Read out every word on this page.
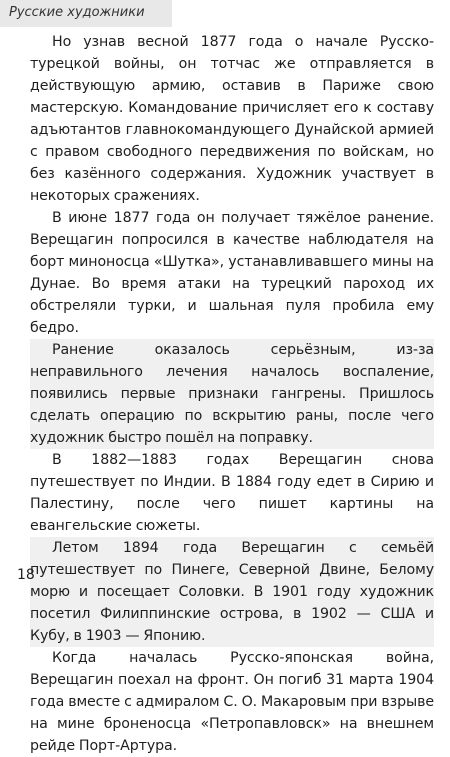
Русские художники

Но узнав весной 1877 года о начале Русско-турецкой войны, он тотчас же отправляется в действующую армию, оставив в Париже свою мастерскую. Командование причисляет его к составу адъютантов главнокомандующего Дунайской армией с правом свободного передвижения по войскам, но без казённого содержания. Художник участвует в некоторых сражениях.

В июне 1877 года он получает тяжёлое ранение. Верещагин попросился в качестве наблюдателя на борт миноносца «Шутка», устанавливавшего мины на Дунае. Во время атаки на турецкий пароход их обстреляли турки, и шальная пуля пробила ему бедро.

Ранение оказалось серьёзным, из-за неправильного лечения началось воспаление, появились первые признаки гангрены. Пришлось сделать операцию по вскрытию раны, после чего художник быстро пошёл на поправку.

В 1882—1883 годах Верещагин снова путешествует по Индии. В 1884 году едет в Сирию и Палестину, после чего пишет картины на евангельские сюжеты.

Летом 1894 года Верещагин с семьёй путешествует по Пинеге, Северной Двине, Белому морю и посещает Соловки. В 1901 году художник посетил Филиппинские острова, в 1902 — США и Кубу, в 1903 — Японию.

Когда началась Русско-японская война, Верещагин поехал на фронт. Он погиб 31 марта 1904 года вместе с адмиралом С. О. Макаровым при взрыве на мине броненосца «Петропавловск» на внешнем рейде Порт-Артура.

18
